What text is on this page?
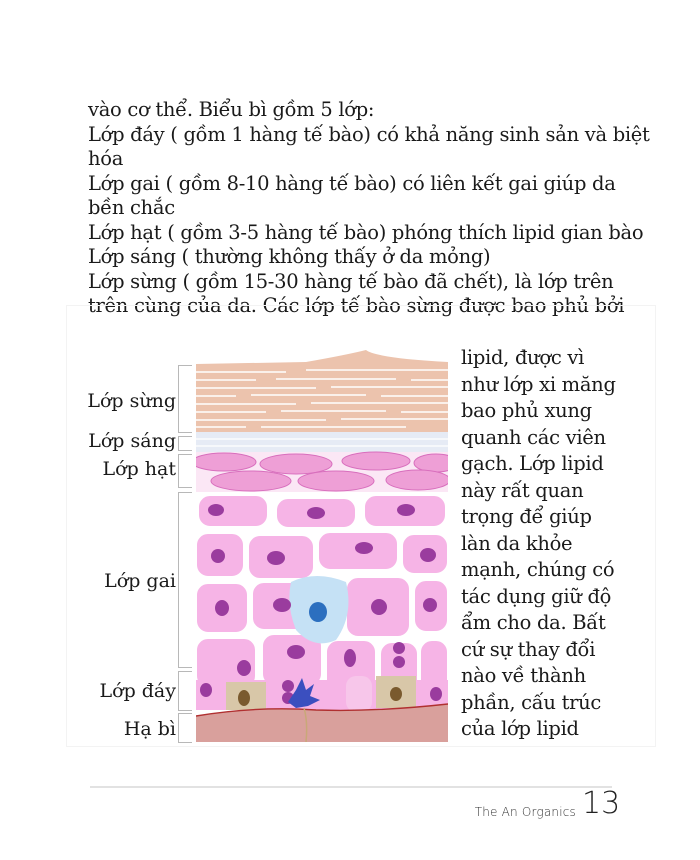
vào cơ thể. Biểu bì gồm 5 lớp:
Lớp đáy ( gồm 1 hàng tế bào) có khả năng sinh sản và biệt
hóa
Lớp gai ( gồm 8-10 hàng tế bào) có liên kết gai giúp da
bền chắc
Lớp hạt ( gồm 3-5 hàng tế bào) phóng thích lipid gian bào
Lớp sáng ( thường không thấy ở da mỏng)
Lớp sừng ( gồm 15-30 hàng tế bào đã chết), là lớp trên
trên cùng của da. Các lớp tế bào sừng được bao phủ bởi
Lớp sừng
Lớp sáng
Lớp hạt
Lớp gai
Lớp đáy
Hạ bì
lipid, được vì
như lớp xi măng
bao phủ xung
quanh các viên
gạch. Lớp lipid
này rất quan
trọng để giúp
làn da khỏe
mạnh, chúng có
tác dụng giữ độ
ẩm cho da. Bất
cứ sự thay đổi
nào về thành
phần, cấu trúc
của lớp lipid
The An Organics 13
